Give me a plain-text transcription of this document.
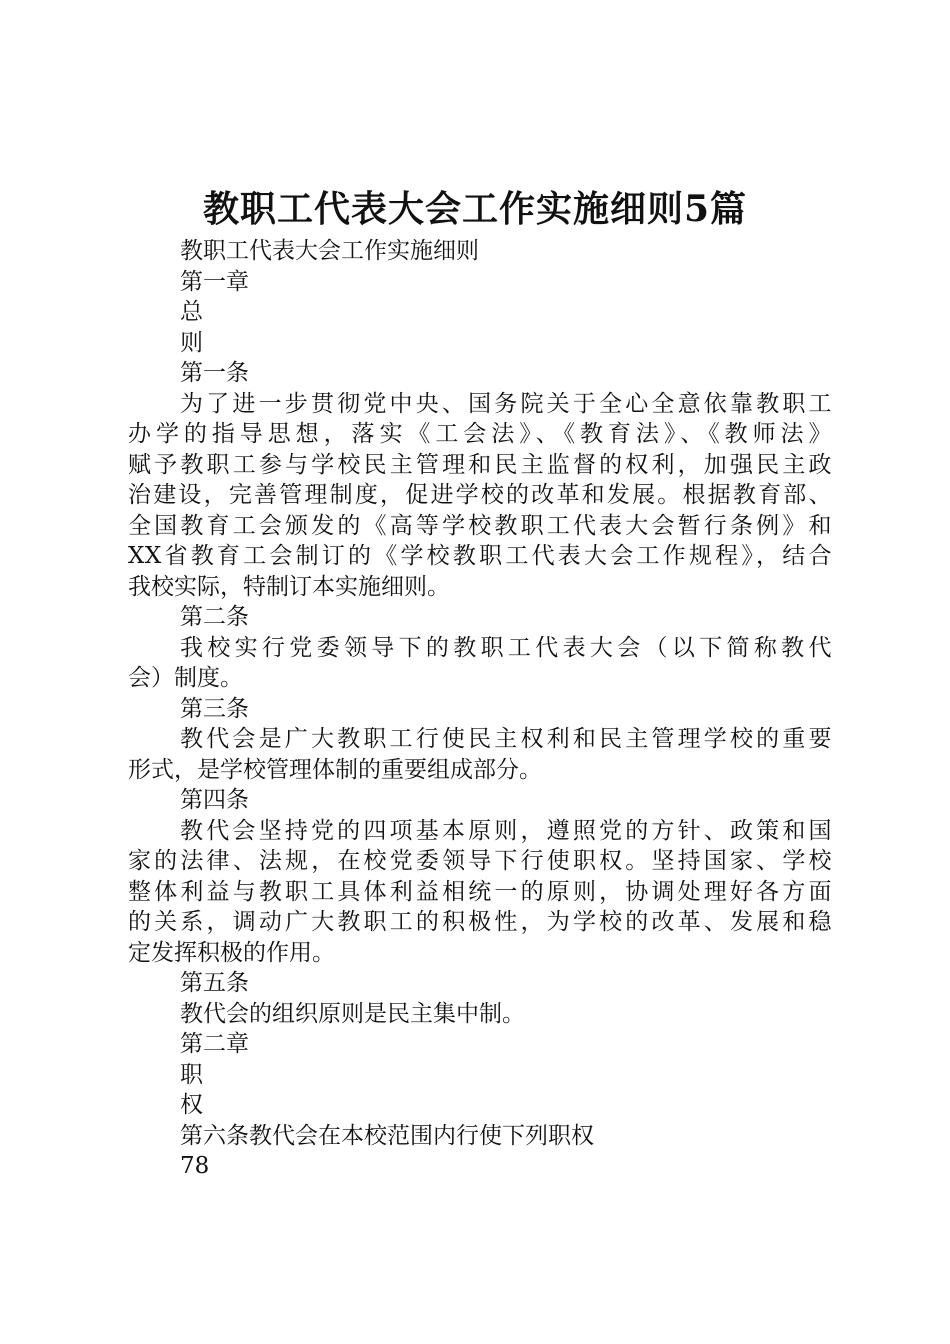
教职工代表大会工作实施细则5篇
教职工代表大会工作实施细则
第一章
总
则
第一条
为了进一步贯彻党中央、国务院关于全心全意依靠教职工
办学的指导思想，落实《工会法》、《教育法》、《教师法》
赋予教职工参与学校民主管理和民主监督的权利，加强民主政
治建设，完善管理制度，促进学校的改革和发展。根据教育部、
全国教育工会颁发的《高等学校教职工代表大会暂行条例》和
XX省教育工会制订的《学校教职工代表大会工作规程》，结合
我校实际，特制订本实施细则。
第二条
我校实行党委领导下的教职工代表大会（以下简称教代
会）制度。
第三条
教代会是广大教职工行使民主权利和民主管理学校的重要
形式，是学校管理体制的重要组成部分。
第四条
教代会坚持党的四项基本原则，遵照党的方针、政策和国
家的法律、法规，在校党委领导下行使职权。坚持国家、学校
整体利益与教职工具体利益相统一的原则，协调处理好各方面
的关系，调动广大教职工的积极性，为学校的改革、发展和稳
定发挥积极的作用。
第五条
教代会的组织原则是民主集中制。
第二章
职
权
第六条教代会在本校范围内行使下列职权
78
